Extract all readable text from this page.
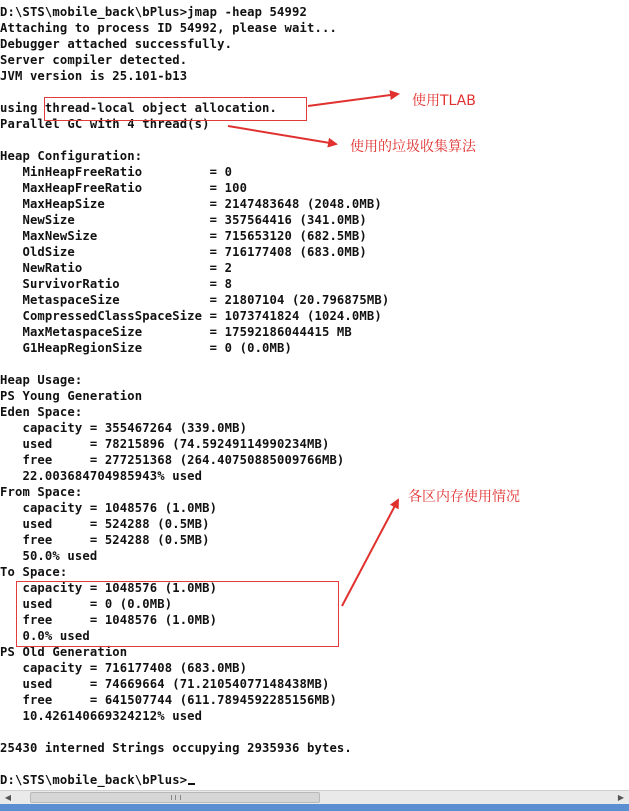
D:\STS\mobile_back\bPlus>jmap -heap 54992
Attaching to process ID 54992, please wait...
Debugger attached successfully.
Server compiler detected.
JVM version is 25.101-b13
using thread-local object allocation.
Parallel GC with 4 thread(s)
Heap Configuration:
MinHeapFreeRatio         = 0
MaxHeapFreeRatio         = 100
MaxHeapSize              = 2147483648 (2048.0MB)
NewSize                  = 357564416 (341.0MB)
MaxNewSize               = 715653120 (682.5MB)
OldSize                  = 716177408 (683.0MB)
NewRatio                 = 2
SurvivorRatio            = 8
MetaspaceSize            = 21807104 (20.796875MB)
CompressedClassSpaceSize = 1073741824 (1024.0MB)
MaxMetaspaceSize         = 17592186044415 MB
G1HeapRegionSize         = 0 (0.0MB)
Heap Usage:
PS Young Generation
Eden Space:
capacity = 355467264 (339.0MB)
used     = 78215896 (74.59249114990234MB)
free     = 277251368 (264.40750885009766MB)
22.003684704985943% used
From Space:
capacity = 1048576 (1.0MB)
used     = 524288 (0.5MB)
free     = 524288 (0.5MB)
50.0% used
To Space:
capacity = 1048576 (1.0MB)
used     = 0 (0.0MB)
free     = 1048576 (1.0MB)
0.0% used
PS Old Generation
capacity = 716177408 (683.0MB)
used     = 74669664 (71.21054077148438MB)
free     = 641507744 (611.7894592285156MB)
10.426140669324212% used
25430 interned Strings occupying 2935936 bytes.
D:\STS\mobile_back\bPlus>
使用TLAB
使用的垃圾收集算法
各区内存使用情况
◀	▶
